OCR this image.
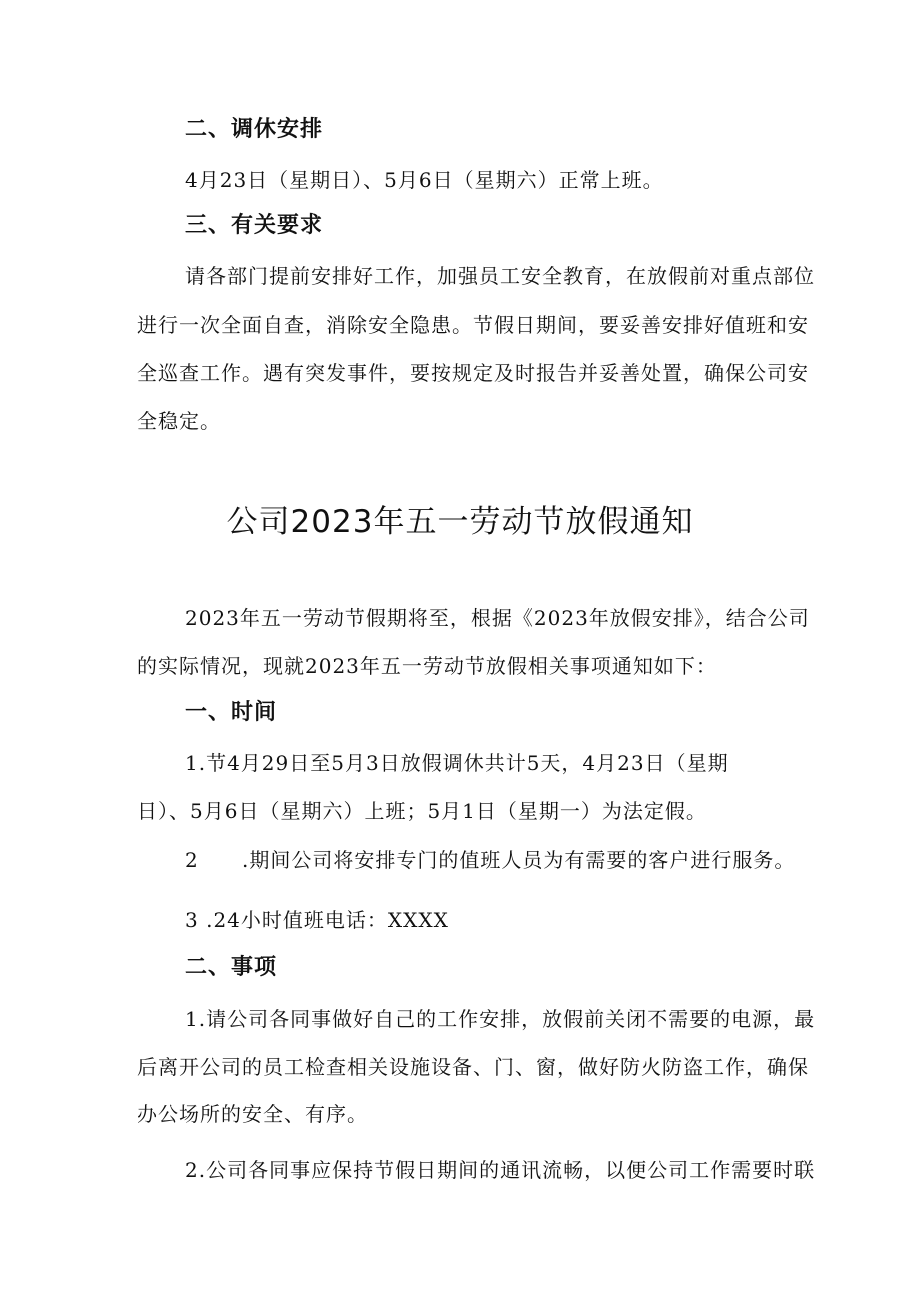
二、调休安排
4月23日（星期日）、5月6日（星期六）正常上班。
三、有关要求
请各部门提前安排好工作，加强员工安全教育，在放假前对重点部位
进行一次全面自查，消除安全隐患。节假日期间，要妥善安排好值班和安
全巡查工作。遇有突发事件，要按规定及时报告并妥善处置，确保公司安
全稳定。
公司2023年五一劳动节放假通知
2023年五一劳动节假期将至，根据《2023年放假安排》，结合公司
的实际情况，现就2023年五一劳动节放假相关事项通知如下：
一、时间
1.节4月29日至5月3日放假调休共计5天，4月23日（星期
日）、5月6日（星期六）上班；5月1日（星期一）为法定假。
2 .期间公司将安排专门的值班人员为有需要的客户进行服务。
3 .24小时值班电话：XXXX
二、事项
1.请公司各同事做好自己的工作安排，放假前关闭不需要的电源，最
后离开公司的员工检查相关设施设备、门、窗，做好防火防盗工作，确保
办公场所的安全、有序。
2.公司各同事应保持节假日期间的通讯流畅，以便公司工作需要时联
